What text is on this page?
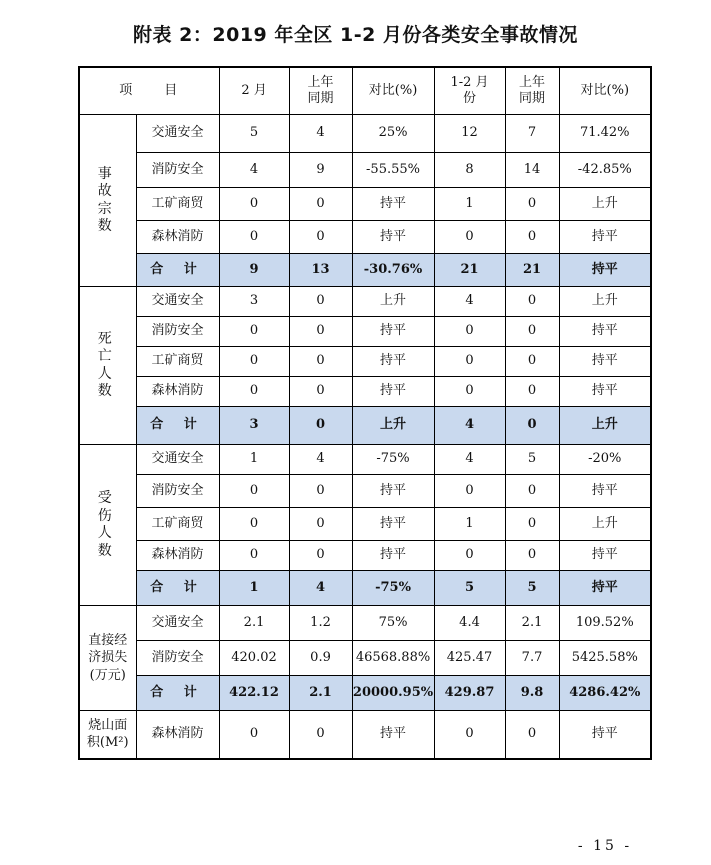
附表 2：2019 年全区 1-2 月份各类安全事故情况
项　　目		2 月	上年同期	对比(%)	1-2 月份	上年同期	对比(%)
事 故 宗 数	交通安全	5	4	25%	12	7	71.42%
	消防安全	4	9	-55.55%	8	14	-42.85%
	工矿商贸	0	0	持平	1	0	上升
	森林消防	0	0	持平	0	0	持平
	合 计	9	13	-30.76%	21	21	持平
死 亡 人 数	交通安全	3	0	上升	4	0	上升
	消防安全	0	0	持平	0	0	持平
	工矿商贸	0	0	持平	0	0	持平
	森林消防	0	0	持平	0	0	持平
	合 计	3	0	上升	4	0	上升
受伤 人数	交通安全	1	4	-75%	4	5	-20%
	消防安全	0	0	持平	0	0	持平
	工矿商贸	0	0	持平	1	0	上升
	森林消防	0	0	持平	0	0	持平
	合 计	1	4	-75%	5	5	持平
直接经济损失(万元)	交通安全	2.1	1.2	75%	4.4	2.1	109.52%
	消防安全	420.02	0.9	46568.88%	425.47	7.7	5425.58%
	合 计	422.12	2.1	20000.95%	429.87	9.8	4286.42%
烧山面积(M²)	森林消防	0	0	持平	0	0	持平
- 15 -
